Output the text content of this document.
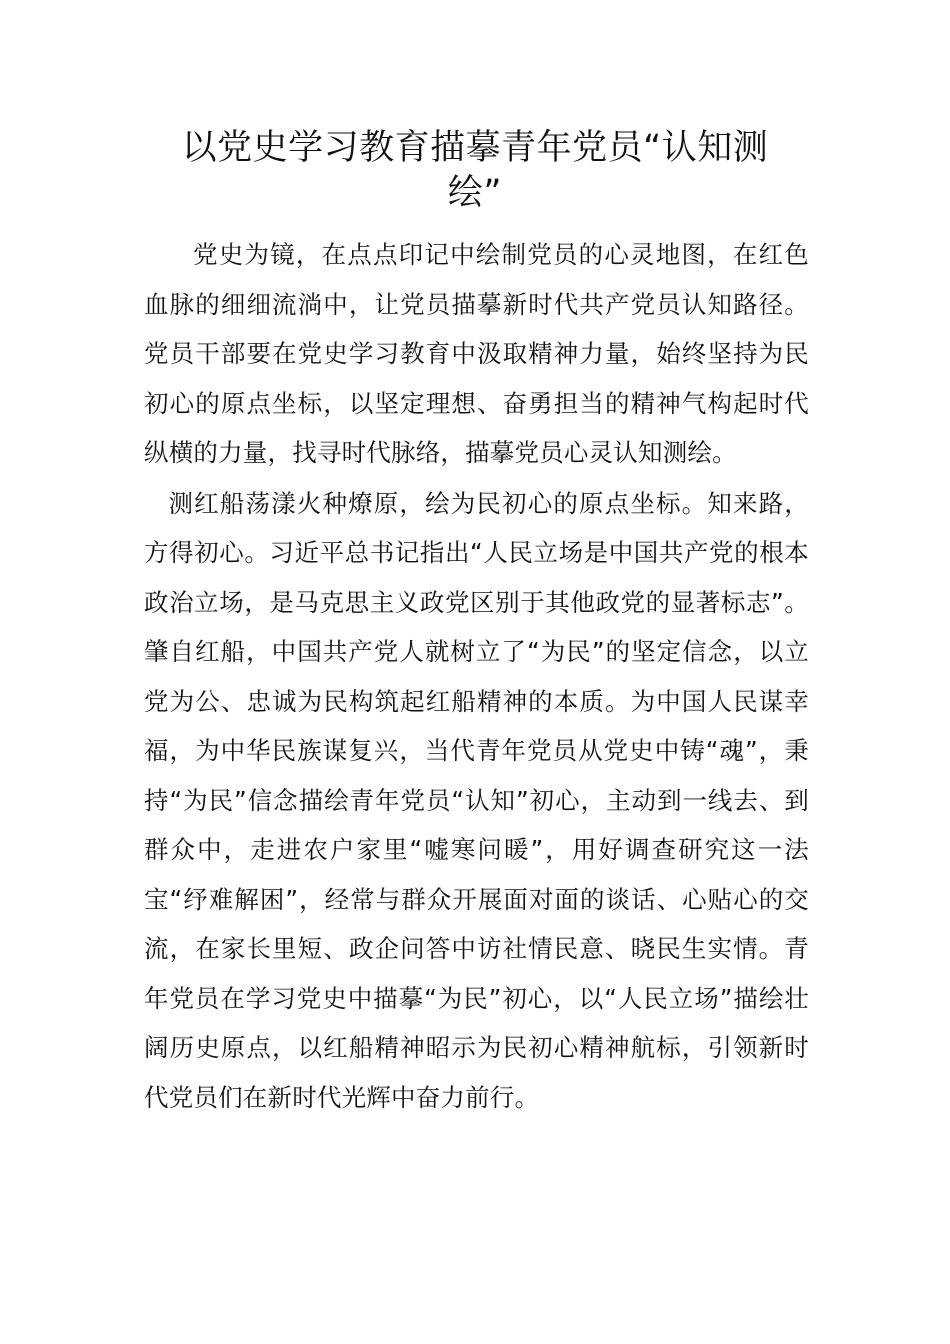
以党史学习教育描摹青年党员“认知测绘”

党史为镜，在点点印记中绘制党员的心灵地图，在红色血脉的细细流淌中，让党员描摹新时代共产党员认知路径。党员干部要在党史学习教育中汲取精神力量，始终坚持为民初心的原点坐标，以坚定理想、奋勇担当的精神气构起时代纵横的力量，找寻时代脉络，描摹党员心灵认知测绘。

测红船荡漾火种燎原，绘为民初心的原点坐标。知来路，方得初心。习近平总书记指出“人民立场是中国共产党的根本政治立场，是马克思主义政党区别于其他政党的显著标志”。肇自红船，中国共产党人就树立了“为民”的坚定信念，以立党为公、忠诚为民构筑起红船精神的本质。为中国人民谋幸福，为中华民族谋复兴，当代青年党员从党史中铸“魂”，秉持“为民”信念描绘青年党员“认知”初心，主动到一线去、到群众中，走进农户家里“嘘寒问暖”，用好调查研究这一法宝“纾难解困”，经常与群众开展面对面的谈话、心贴心的交流，在家长里短、政企问答中访社情民意、晓民生实情。青年党员在学习党史中描摹“为民”初心，以“人民立场”描绘壮阔历史原点，以红船精神昭示为民初心精神航标，引领新时代党员们在新时代光辉中奋力前行。
